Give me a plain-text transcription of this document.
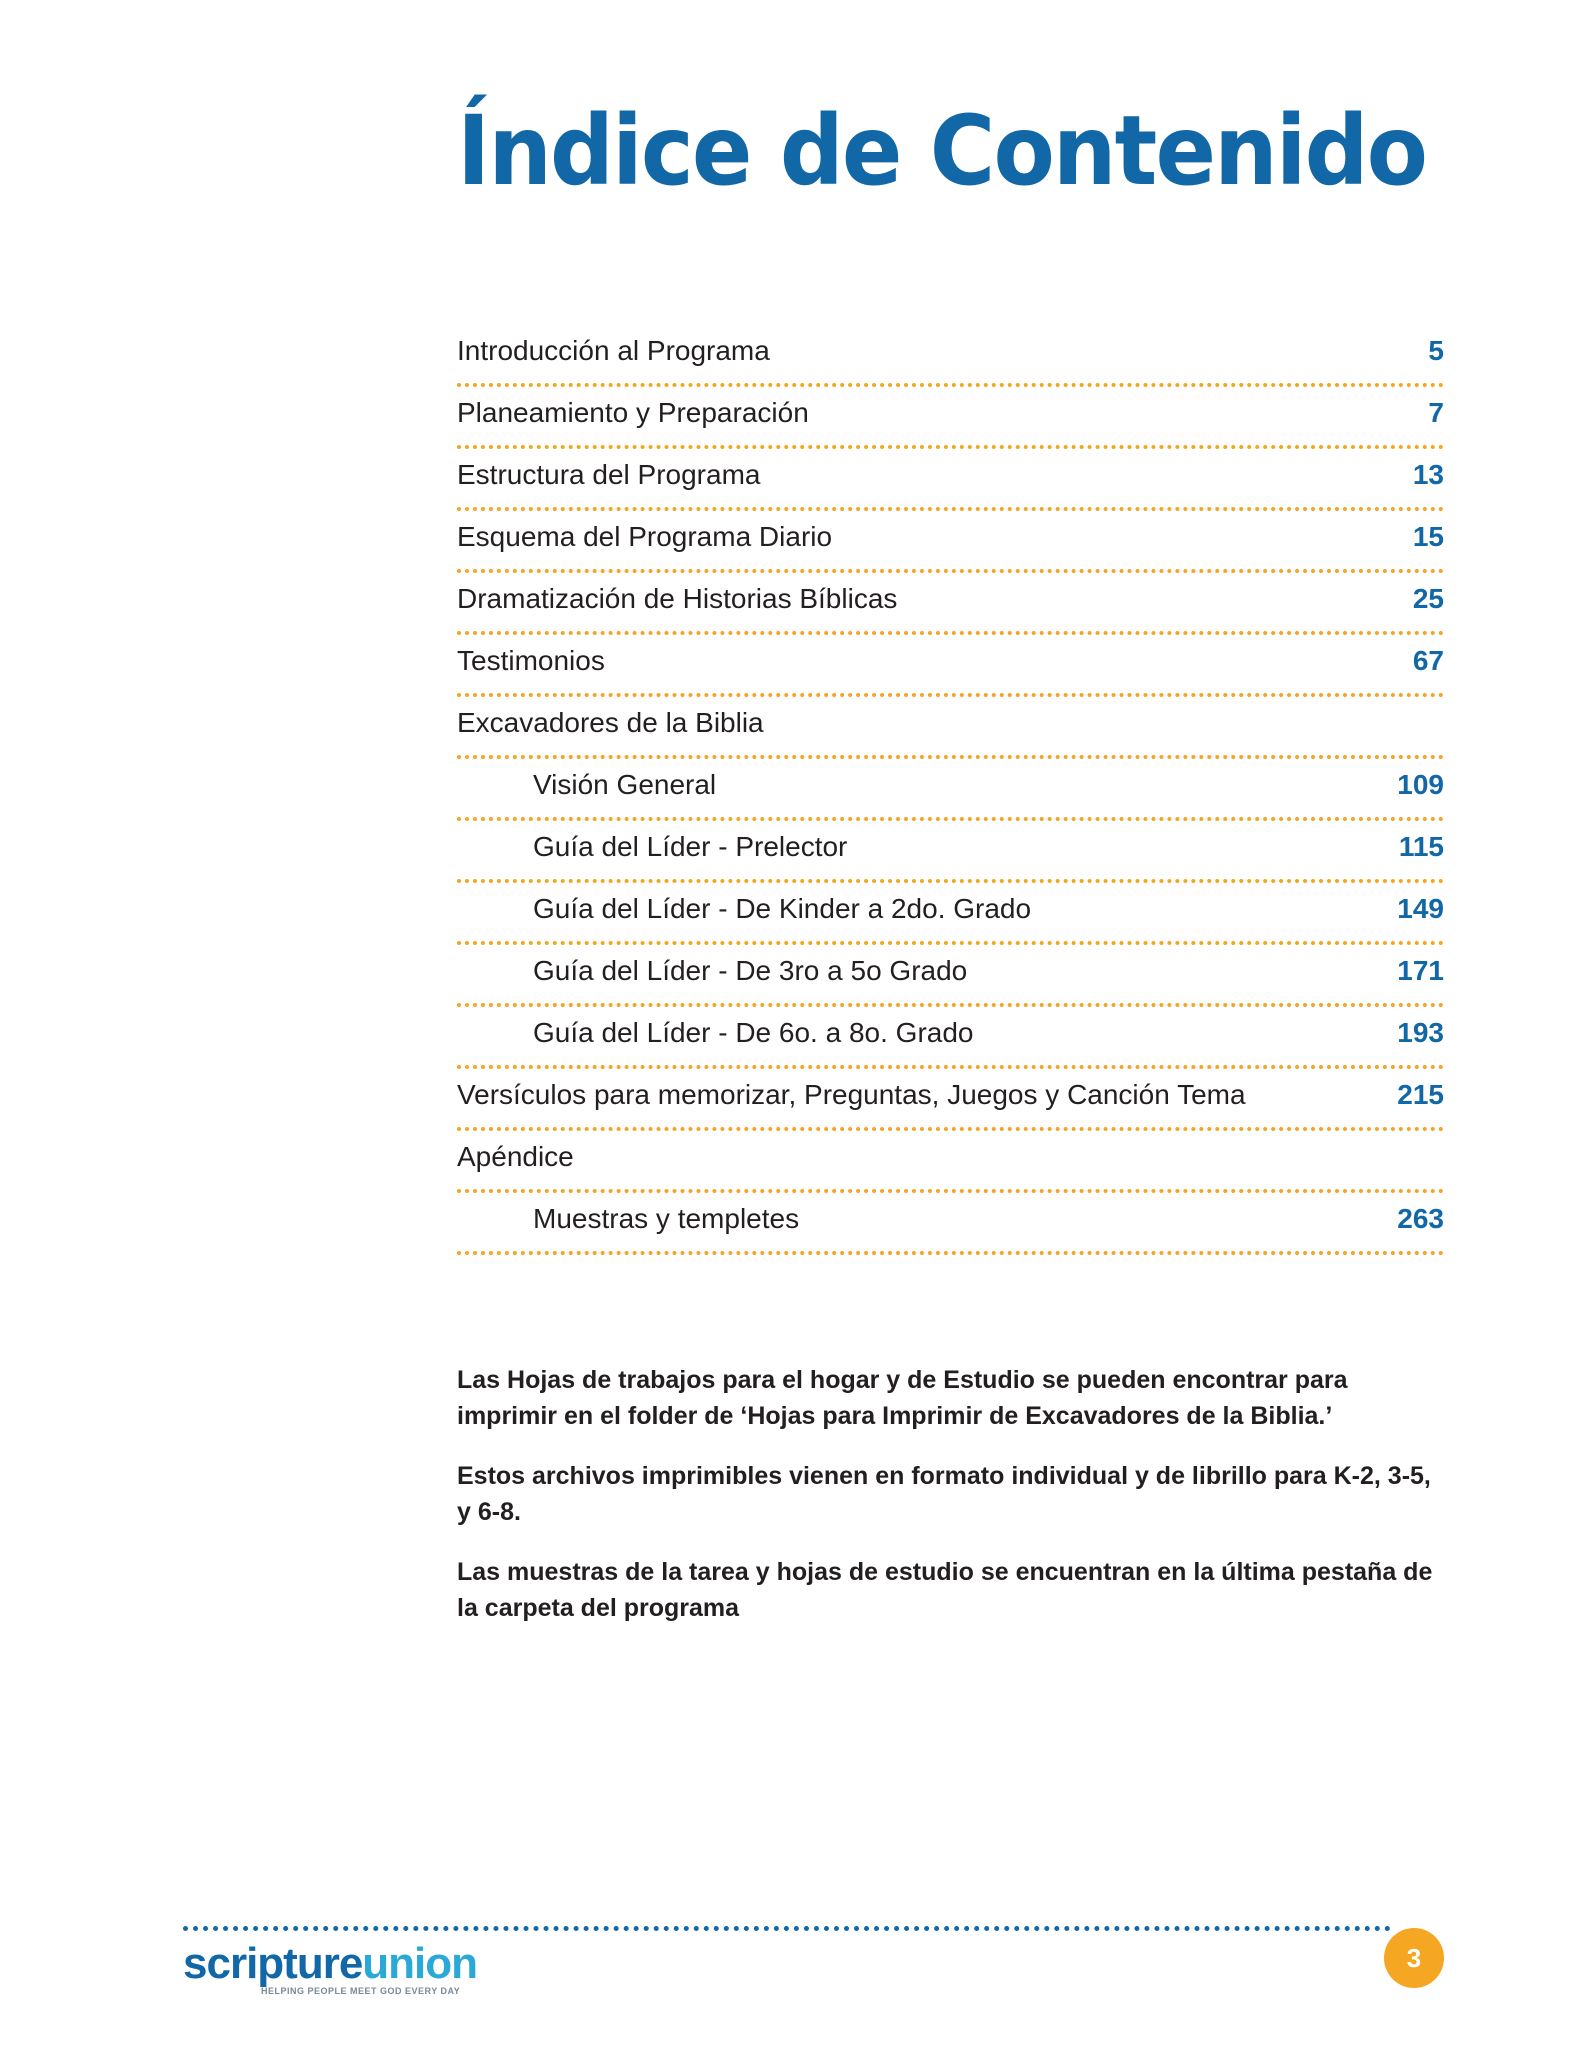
Índice de Contenido
Introducción al Programa	5
Planeamiento y Preparación	7
Estructura del Programa	13
Esquema del Programa Diario	15
Dramatización de Historias Bíblicas	25
Testimonios	67
Excavadores de la Biblia
Visión General	109
Guía del Líder - Prelector	115
Guía del Líder - De Kinder a 2do. Grado	149
Guía del Líder - De 3ro a 5o Grado	171
Guía del Líder - De 6o. a 8o. Grado	193
Versículos para memorizar, Preguntas, Juegos y Canción Tema	215
Apéndice
Muestras y templetes	263

Las Hojas de trabajos para el hogar y de Estudio se pueden encontrar para imprimir en el folder de ‘Hojas para Imprimir de Excavadores de la Biblia.’

Estos archivos imprimibles vienen en formato individual y de librillo para K-2, 3-5, y 6-8.

Las muestras de la tarea y hojas de estudio se encuentran en la última pestaña de la carpeta del programa

scriptureunion
HELPING PEOPLE MEET GOD EVERY DAY
3
